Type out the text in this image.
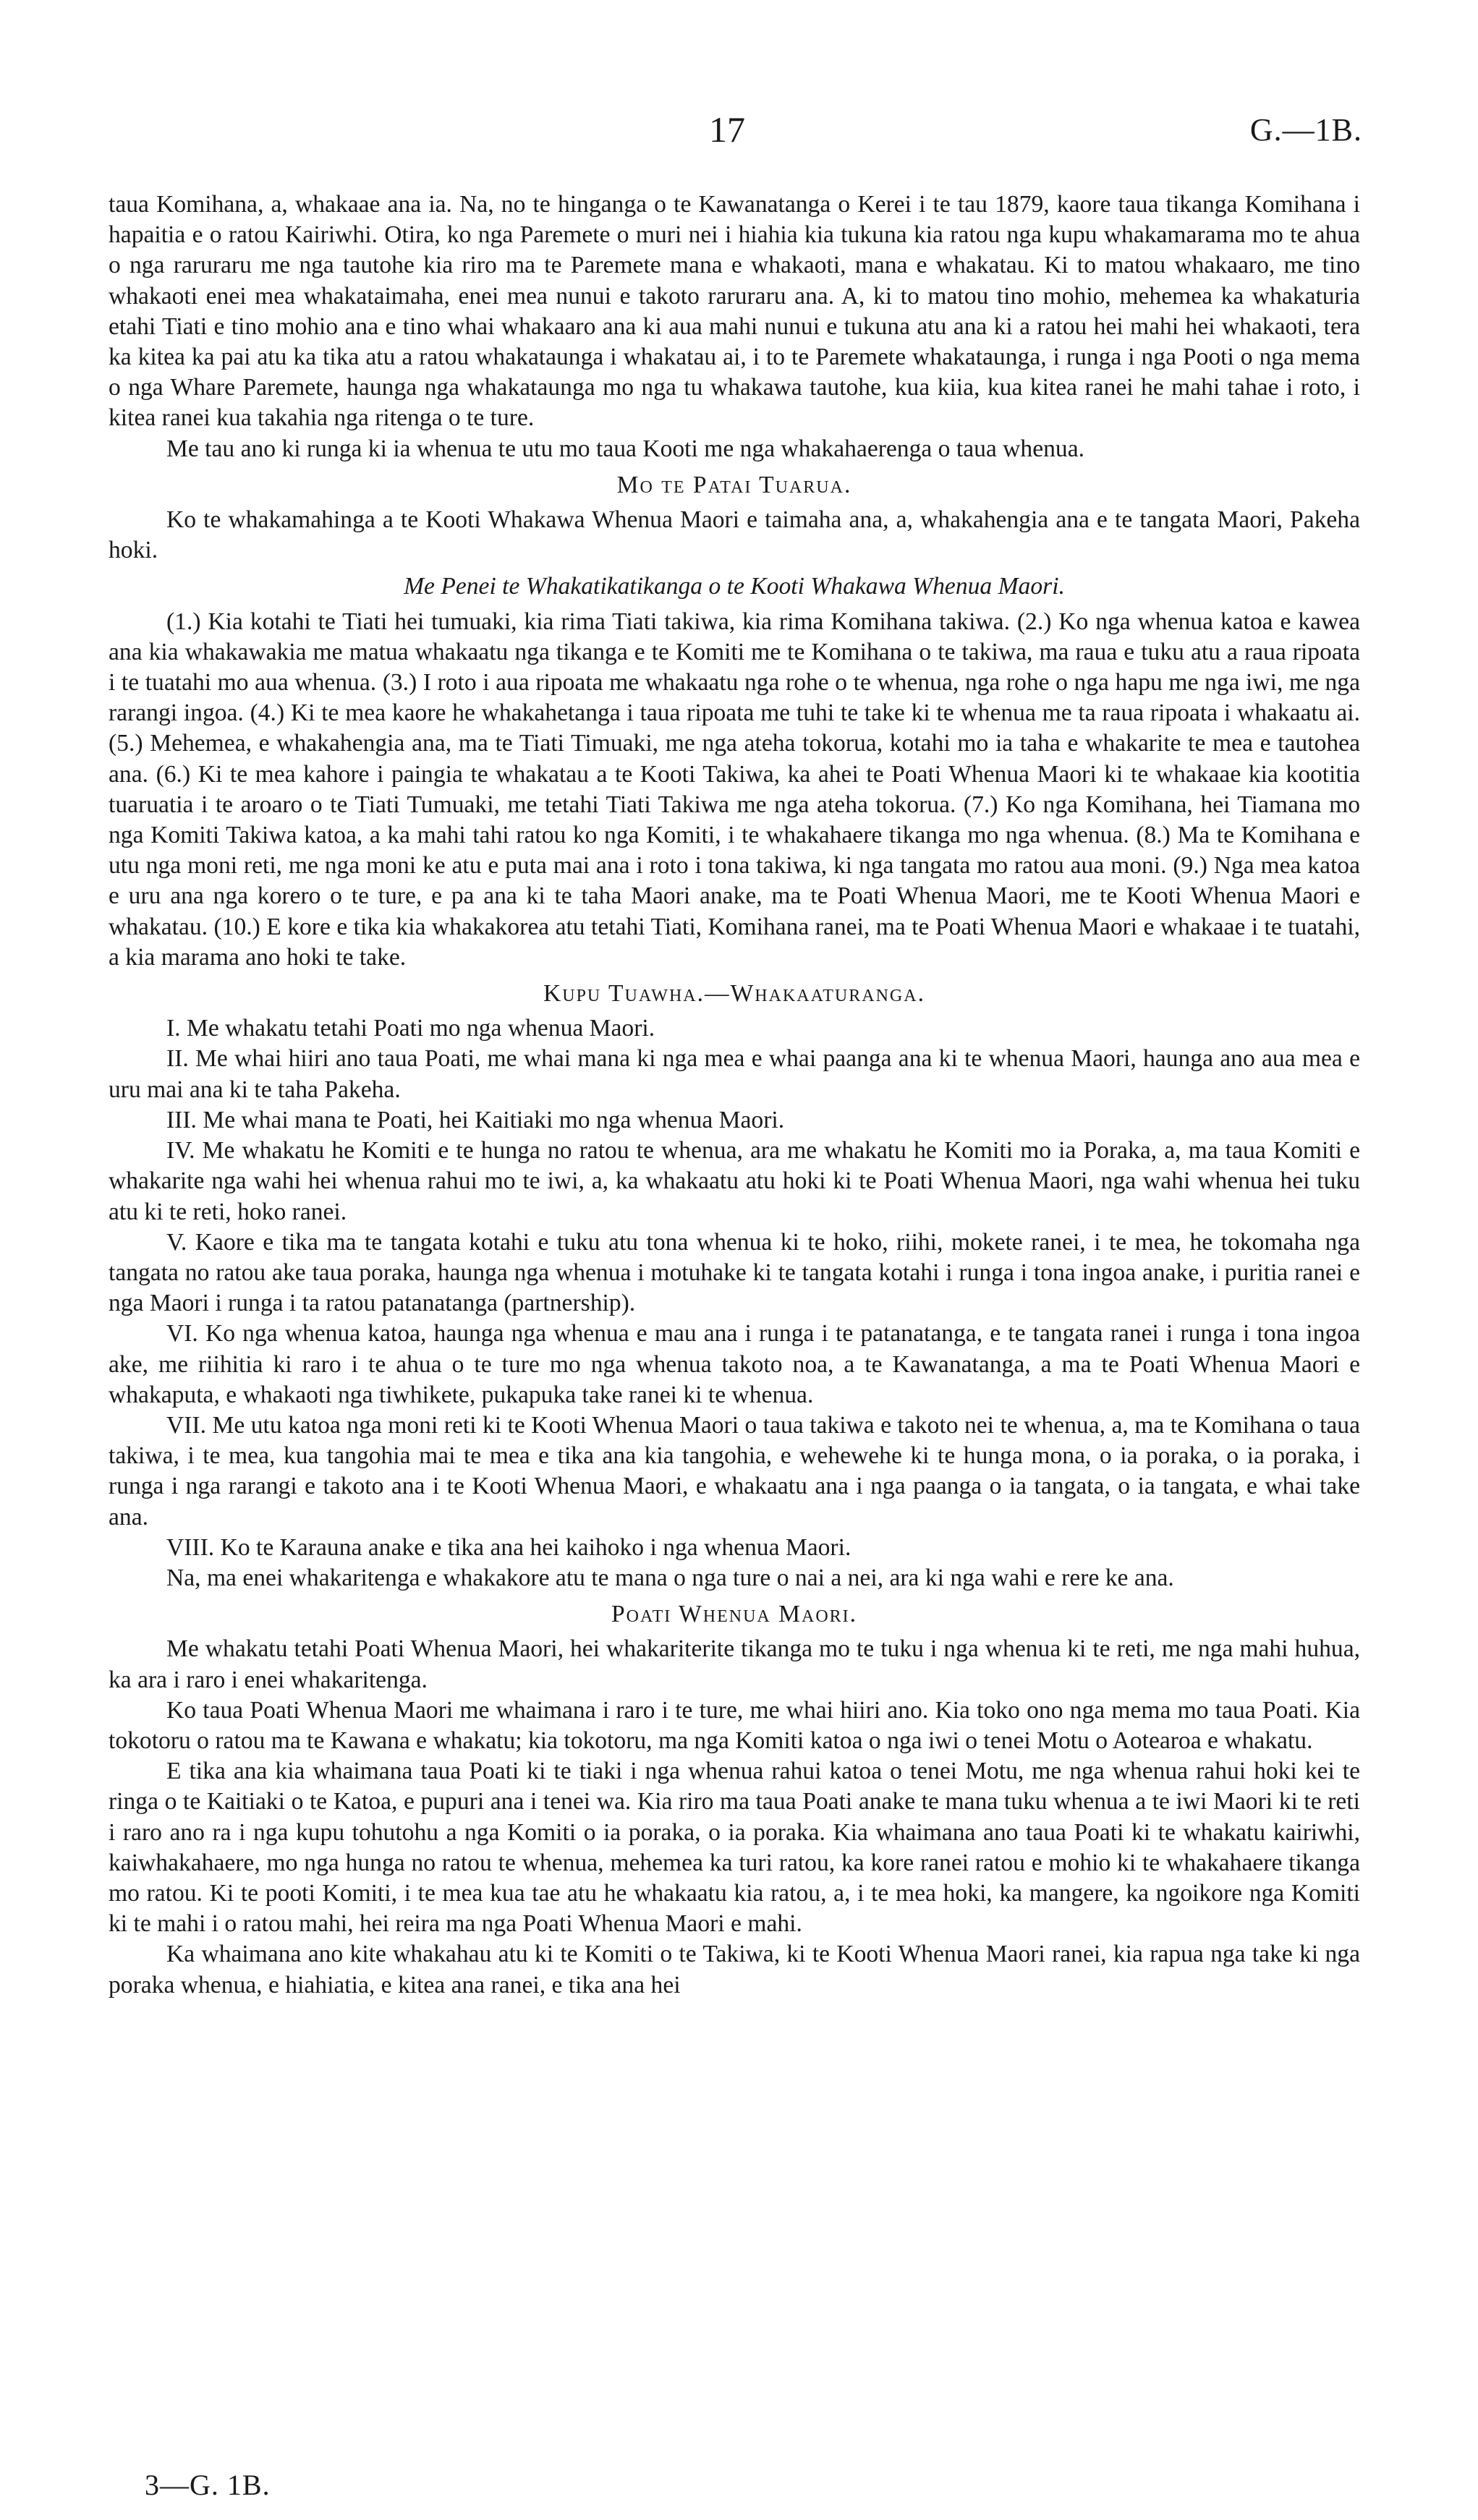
17	G.—1B.

taua Komihana, a, whakaae ana ia. Na, no te hinganga o te Kawanatanga o Kerei i te tau 1879, kaore taua tikanga Komihana i hapaitia e o ratou Kairiwhi. Otira, ko nga Paremete o muri nei i hiahia kia tukuna kia ratou nga kupu whakamarama mo te ahua o nga raruraru me nga tautohe kia riro ma te Paremete mana e whakaoti, mana e whakatau. Ki to matou whakaaro, me tino whakaoti enei mea whakataimaha, enei mea nunui e takoto raruraru ana. A, ki to matou tino mohio, mehemea ka whakaturia etahi Tiati e tino mohio ana e tino whai whakaaro ana ki aua mahi nunui e tukuna atu ana ki a ratou hei mahi hei whakaoti, tera ka kitea ka pai atu ka tika atu a ratou whakataunga i whakatau ai, i to te Paremete whakataunga, i runga i nga Pooti o nga mema o nga Whare Paremete, haunga nga whakataunga mo nga tu whakawa tautohe, kua kiia, kua kitea ranei he mahi tahae i roto, i kitea ranei kua takahia nga ritenga o te ture.

Me tau ano ki runga ki ia whenua te utu mo taua Kooti me nga whakahaerenga o taua whenua.

Mo te Patai Tuarua.

Ko te whakamahinga a te Kooti Whakawa Whenua Maori e taimaha ana, a, whakahengia ana e te tangata Maori, Pakeha hoki.

Me Penei te Whakatikatikanga o te Kooti Whakawa Whenua Maori.

(1.) Kia kotahi te Tiati hei tumuaki, kia rima Tiati takiwa, kia rima Komihana takiwa. (2.) Ko nga whenua katoa e kawea ana kia whakawakia me matua whakaatu nga tikanga e te Komiti me te Komihana o te takiwa, ma raua e tuku atu a raua ripoata i te tuatahi mo aua whenua. (3.) I roto i aua ripoata me whakaatu nga rohe o te whenua, nga rohe o nga hapu me nga iwi, me nga rarangi ingoa. (4.) Ki te mea kaore he whakahetanga i taua ripoata me tuhi te take ki te whenua me ta raua ripoata i whakaatu ai. (5.) Mehemea, e whakahengia ana, ma te Tiati Timuaki, me nga ateha tokorua, kotahi mo ia taha e whakarite te mea e tautohea ana. (6.) Ki te mea kahore i paingia te whakatau a te Kooti Takiwa, ka ahei te Poati Whenua Maori ki te whakaae kia kootitia tuaruatia i te aroaro o te Tiati Tumuaki, me tetahi Tiati Takiwa me nga ateha tokorua. (7.) Ko nga Komihana, hei Tiamana mo nga Komiti Takiwa katoa, a ka mahi tahi ratou ko nga Komiti, i te whakahaere tikanga mo nga whenua. (8.) Ma te Komihana e utu nga moni reti, me nga moni ke atu e puta mai ana i roto i tona takiwa, ki nga tangata mo ratou aua moni. (9.) Nga mea katoa e uru ana nga korero o te ture, e pa ana ki te taha Maori anake, ma te Poati Whenua Maori, me te Kooti Whenua Maori e whakatau. (10.) E kore e tika kia whakakorea atu tetahi Tiati, Komihana ranei, ma te Poati Whenua Maori e whakaae i te tuatahi, a kia marama ano hoki te take.

Kupu Tuawha.—Whakaaturanga.

I. Me whakatu tetahi Poati mo nga whenua Maori.

II. Me whai hiiri ano taua Poati, me whai mana ki nga mea e whai paanga ana ki te whenua Maori, haunga ano aua mea e uru mai ana ki te taha Pakeha.

III. Me whai mana te Poati, hei Kaitiaki mo nga whenua Maori.

IV. Me whakatu he Komiti e te hunga no ratou te whenua, ara me whakatu he Komiti mo ia Poraka, a, ma taua Komiti e whakarite nga wahi hei whenua rahui mo te iwi, a, ka whakaatu atu hoki ki te Poati Whenua Maori, nga wahi whenua hei tuku atu ki te reti, hoko ranei.

V. Kaore e tika ma te tangata kotahi e tuku atu tona whenua ki te hoko, riihi, mokete ranei, i te mea, he tokomaha nga tangata no ratou ake taua poraka, haunga nga whenua i motuhake ki te tangata kotahi i runga i tona ingoa anake, i puritia ranei e nga Maori i runga i ta ratou patanatanga (partnership).

VI. Ko nga whenua katoa, haunga nga whenua e mau ana i runga i te patanatanga, e te tangata ranei i runga i tona ingoa ake, me riihitia ki raro i te ahua o te ture mo nga whenua takoto noa, a te Kawanatanga, a ma te Poati Whenua Maori e whakaputa, e whakaoti nga tiwhikete, pukapuka take ranei ki te whenua.

VII. Me utu katoa nga moni reti ki te Kooti Whenua Maori o taua takiwa e takoto nei te whenua, a, ma te Komihana o taua takiwa, i te mea, kua tangohia mai te mea e tika ana kia tangohia, e wehewehe ki te hunga mona, o ia poraka, o ia poraka, i runga i nga rarangi e takoto ana i te Kooti Whenua Maori, e whakaatu ana i nga paanga o ia tangata, o ia tangata, e whai take ana.

VIII. Ko te Karauna anake e tika ana hei kaihoko i nga whenua Maori.

Na, ma enei whakaritenga e whakakore atu te mana o nga ture o nai a nei, ara ki nga wahi e rere ke ana.

Poati Whenua Maori.

Me whakatu tetahi Poati Whenua Maori, hei whakariterite tikanga mo te tuku i nga whenua ki te reti, me nga mahi huhua, ka ara i raro i enei whakaritenga.

Ko taua Poati Whenua Maori me whaimana i raro i te ture, me whai hiiri ano. Kia toko ono nga mema mo taua Poati. Kia tokotoru o ratou ma te Kawana e whakatu; kia tokotoru, ma nga Komiti katoa o nga iwi o tenei Motu o Aotearoa e whakatu.

E tika ana kia whaimana taua Poati ki te tiaki i nga whenua rahui katoa o tenei Motu, me nga whenua rahui hoki kei te ringa o te Kaitiaki o te Katoa, e pupuri ana i tenei wa. Kia riro ma taua Poati anake te mana tuku whenua a te iwi Maori ki te reti i raro ano ra i nga kupu tohutohu a nga Komiti o ia poraka, o ia poraka. Kia whaimana ano taua Poati ki te whakatu kairiwhi, kaiwhakahaere, mo nga hunga no ratou te whenua, mehemea ka turi ratou, ka kore ranei ratou e mohio ki te whakahaere tikanga mo ratou. Ki te pooti Komiti, i te mea kua tae atu he whakaatu kia ratou, a, i te mea hoki, ka mangere, ka ngoikore nga Komiti ki te mahi i o ratou mahi, hei reira ma nga Poati Whenua Maori e mahi.

Ka whaimana ano kite whakahau atu ki te Komiti o te Takiwa, ki te Kooti Whenua Maori ranei, kia rapua nga take ki nga poraka whenua, e hiahiatia, e kitea ana ranei, e tika ana hei

3—G. 1B.
